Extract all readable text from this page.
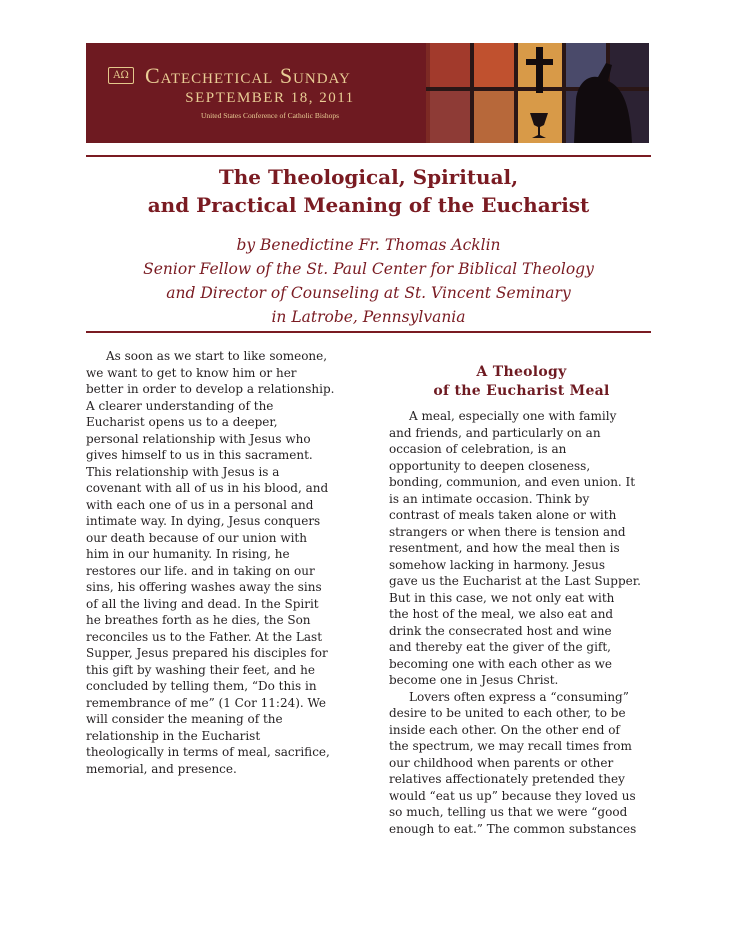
AΩ Catechetical Sunday
SEPTEMBER 18, 2011
United States Conference of Catholic Bishops
The Theological, Spiritual,
and Practical Meaning of the Eucharist
by Benedictine Fr. Thomas Acklin
Senior Fellow of the St. Paul Center for Biblical Theology
and Director of Counseling at St. Vincent Seminary
in Latrobe, Pennsylvania
As soon as we start to like someone,
we want to get to know him or her
better in order to develop a relationship.
A clearer understanding of the
Eucharist opens us to a deeper,
personal relationship with Jesus who
gives himself to us in this sacrament.
This relationship with Jesus is a
covenant with all of us in his blood, and
with each one of us in a personal and
intimate way. In dying, Jesus conquers
our death because of our union with
him in our humanity. In rising, he
restores our life. and in taking on our
sins, his offering washes away the sins
of all the living and dead. In the Spirit
he breathes forth as he dies, the Son
reconciles us to the Father. At the Last
Supper, Jesus prepared his disciples for
this gift by washing their feet, and he
concluded by telling them, “Do this in
remembrance of me” (1 Cor 11:24). We
will consider the meaning of the
relationship in the Eucharist
theologically in terms of meal, sacrifice,
memorial, and presence.
A Theology
of the Eucharist Meal
A meal, especially one with family
and friends, and particularly on an
occasion of celebration, is an
opportunity to deepen closeness,
bonding, communion, and even union. It
is an intimate occasion. Think by
contrast of meals taken alone or with
strangers or when there is tension and
resentment, and how the meal then is
somehow lacking in harmony. Jesus
gave us the Eucharist at the Last Supper.
But in this case, we not only eat with
the host of the meal, we also eat and
drink the consecrated host and wine
and thereby eat the giver of the gift,
becoming one with each other as we
become one in Jesus Christ.
Lovers often express a “consuming”
desire to be united to each other, to be
inside each other. On the other end of
the spectrum, we may recall times from
our childhood when parents or other
relatives affectionately pretended they
would “eat us up” because they loved us
so much, telling us that we were “good
enough to eat.” The common substances
